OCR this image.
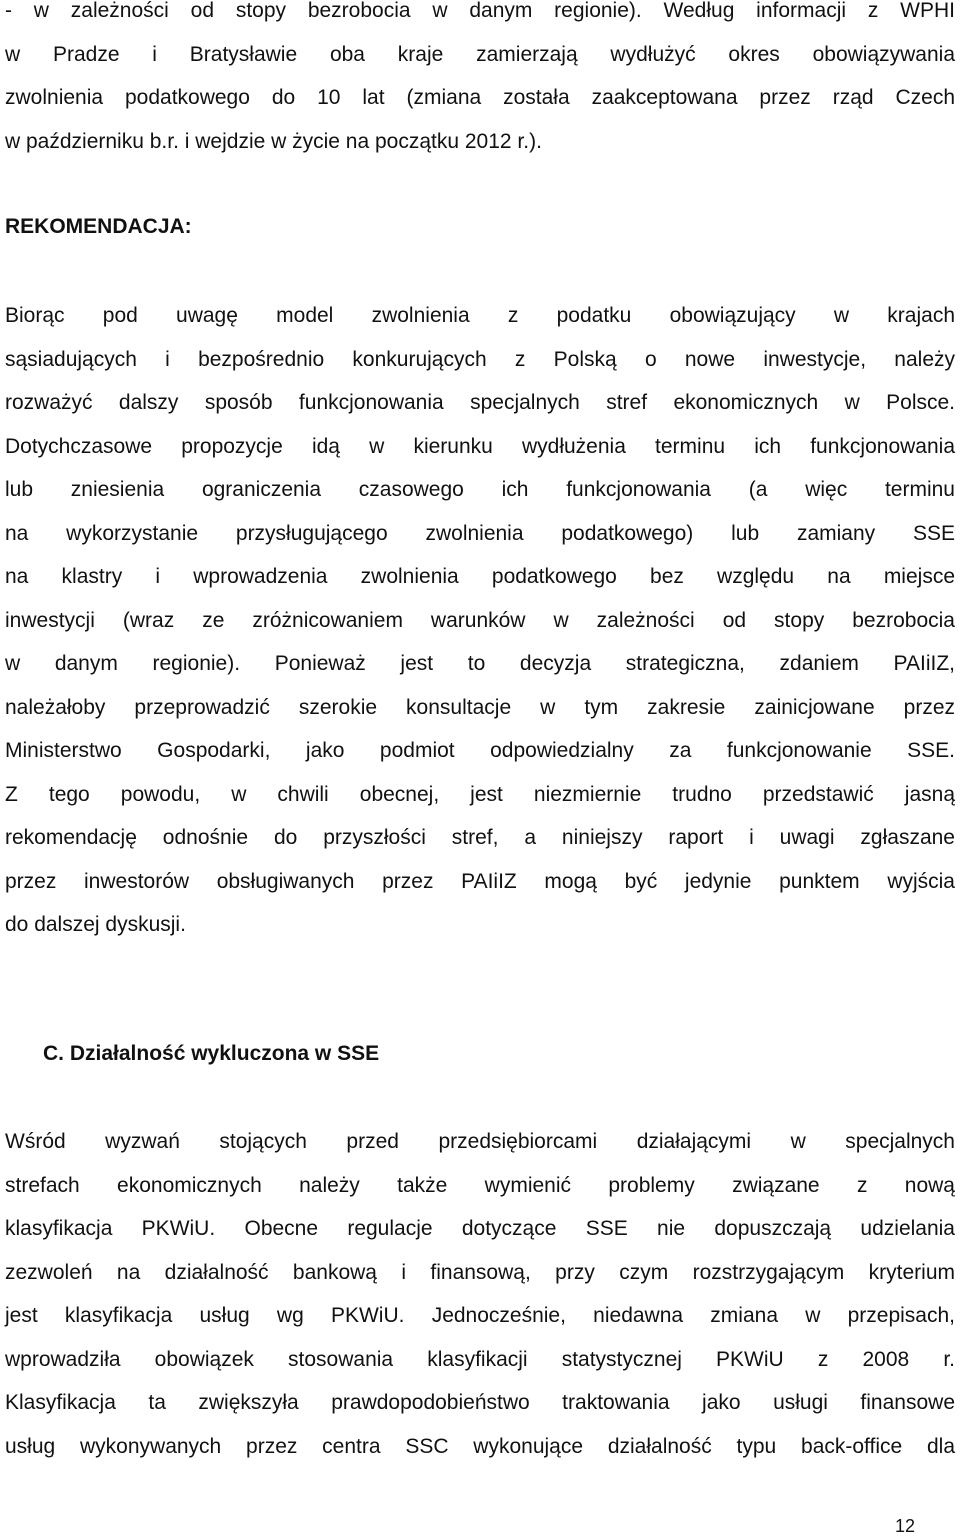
- w zależności od stopy bezrobocia w danym regionie). Według informacji z WPHI
w Pradze i Bratysławie oba kraje zamierzają wydłużyć okres obowiązywania
zwolnienia podatkowego do 10 lat (zmiana została zaakceptowana przez rząd Czech
w październiku b.r. i wejdzie w życie na początku 2012 r.).
REKOMENDACJA:
Biorąc pod uwagę model zwolnienia z podatku obowiązujący w krajach
sąsiadujących i bezpośrednio konkurujących z Polską o nowe inwestycje, należy
rozważyć dalszy sposób funkcjonowania specjalnych stref ekonomicznych w Polsce.
Dotychczasowe propozycje idą w kierunku wydłużenia terminu ich funkcjonowania
lub zniesienia ograniczenia czasowego ich funkcjonowania (a więc terminu
na wykorzystanie przysługującego zwolnienia podatkowego) lub zamiany SSE
na klastry i wprowadzenia zwolnienia podatkowego bez względu na miejsce
inwestycji (wraz ze zróżnicowaniem warunków w zależności od stopy bezrobocia
w danym regionie). Ponieważ jest to decyzja strategiczna, zdaniem PAIiIZ,
należałoby przeprowadzić szerokie konsultacje w tym zakresie zainicjowane przez
Ministerstwo Gospodarki, jako podmiot odpowiedzialny za funkcjonowanie SSE.
Z tego powodu, w chwili obecnej, jest niezmiernie trudno przedstawić jasną
rekomendację odnośnie do przyszłości stref, a niniejszy raport i uwagi zgłaszane
przez inwestorów obsługiwanych przez PAIiIZ mogą być jedynie punktem wyjścia
do dalszej dyskusji.
C. Działalność wykluczona w SSE
Wśród wyzwań stojących przed przedsiębiorcami działającymi w specjalnych
strefach ekonomicznych należy także wymienić problemy związane z nową
klasyfikacja PKWiU. Obecne regulacje dotyczące SSE nie dopuszczają udzielania
zezwoleń na działalność bankową i finansową, przy czym rozstrzygającym kryterium
jest klasyfikacja usług wg PKWiU. Jednocześnie, niedawna zmiana w przepisach,
wprowadziła obowiązek stosowania klasyfikacji statystycznej PKWiU z 2008 r.
Klasyfikacja ta zwiększyła prawdopodobieństwo traktowania jako usługi finansowe
usług wykonywanych przez centra SSC wykonujące działalność typu back-office dla
12
